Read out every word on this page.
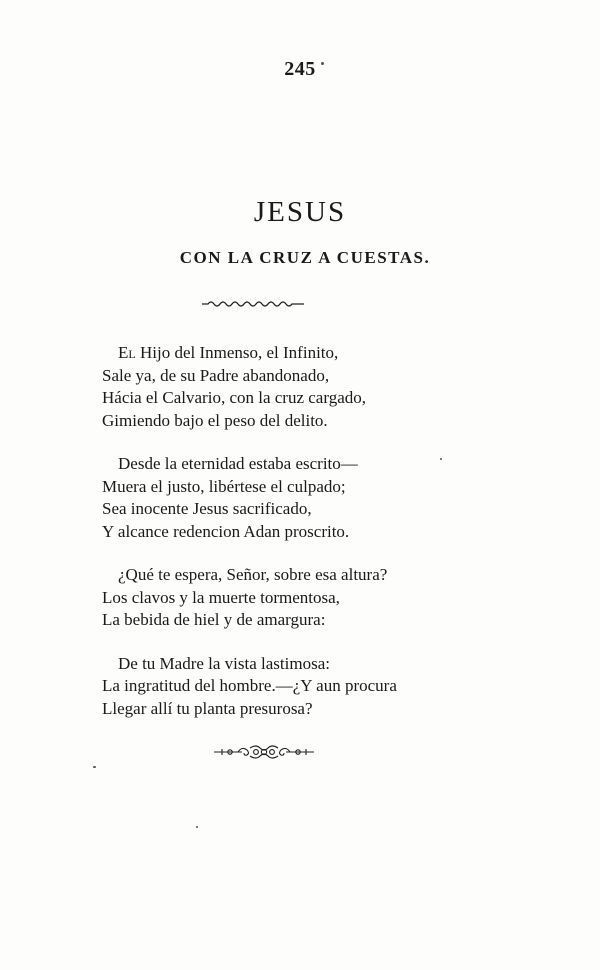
245
JESUS
CON LA CRUZ A CUESTAS.
El Hijo del Inmenso, el Infinito,
Sale ya, de su Padre abandonado,
Hácia el Calvario, con la cruz cargado,
Gimiendo bajo el peso del delito.
Desde la eternidad estaba escrito—
Muera el justo, libértese el culpado;
Sea inocente Jesus sacrificado,
Y alcance redencion Adan proscrito.
¿Qué te espera, Señor, sobre esa altura?
Los clavos y la muerte tormentosa,
La bebida de hiel y de amargura:
De tu Madre la vista lastimosa:
La ingratitud del hombre.—¿Y aun procura
Llegar allí tu planta presurosa?
